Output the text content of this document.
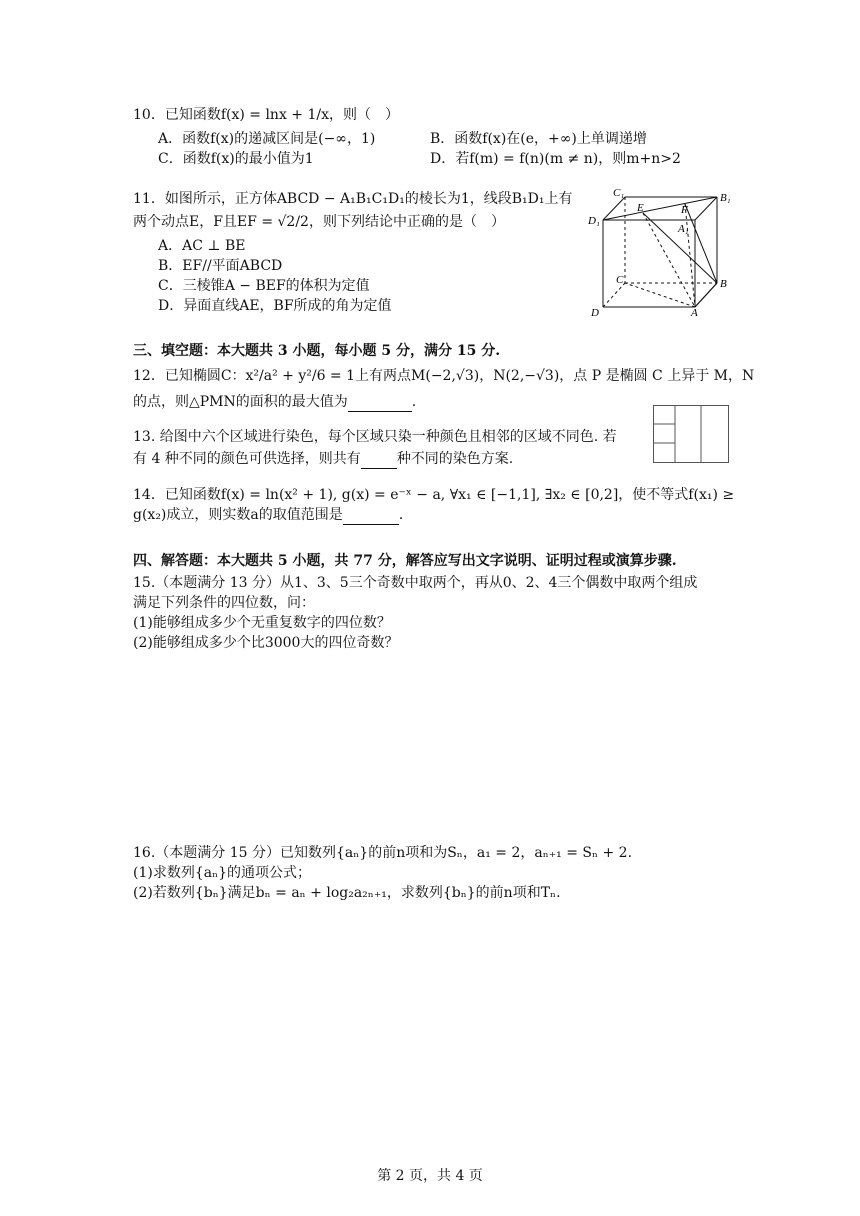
10．已知函数f(x) = lnx + 1/x，则（　）
A．函数f(x)的递减区间是(−∞，1)	B．函数f(x)在(e，+∞)上单调递增
C．函数f(x)的最小值为1	D．若f(m) = f(n)(m ≠ n)，则m+n>2
11．如图所示，正方体ABCD − A₁B₁C₁D₁的棱长为1，线段B₁D₁上有
两个动点E，F且EF = √2/2，则下列结论中正确的是（　）
A．AC ⊥ BE
B．EF//平面ABCD
C．三棱锥A − BEF的体积为定值
D．异面直线AE，BF所成的角为定值
C₁	B₁
D₁
A₁
E	F
C	B
D	A
三、填空题：本大题共 3 小题，每小题 5 分，满分 15 分.
12．已知椭圆C：x²/a² + y²/6 = 1上有两点M(−2,√3)，N(2,−√3)，点 P 是椭圆 C 上异于 M，N
的点，则△PMN的面积的最大值为	.
13. 给图中六个区域进行染色，每个区域只染一种颜色且相邻的区域不同色. 若
有 4 种不同的颜色可供选择，则共有	种不同的染色方案.
14．已知函数f(x) = ln(x² + 1), g(x) = e⁻ˣ − a, ∀x₁ ∈ [−1,1], ∃x₂ ∈ [0,2]，使不等式f(x₁) ≥
g(x₂)成立，则实数a的取值范围是	.
四、解答题：本大题共 5 小题，共 77 分，解答应写出文字说明、证明过程或演算步骤.
15.（本题满分 13 分）从1、3、5三个奇数中取两个，再从0、2、4三个偶数中取两个组成
满足下列条件的四位数，问：
(1)能够组成多少个无重复数字的四位数？
(2)能够组成多少个比3000大的四位奇数？
16.（本题满分 15 分）已知数列{aₙ}的前n项和为Sₙ，a₁ = 2，aₙ₊₁ = Sₙ + 2.
(1)求数列{aₙ}的通项公式；
(2)若数列{bₙ}满足bₙ = aₙ + log₂a₂ₙ₊₁，求数列{bₙ}的前n项和Tₙ.
第 2 页，共 4 页
